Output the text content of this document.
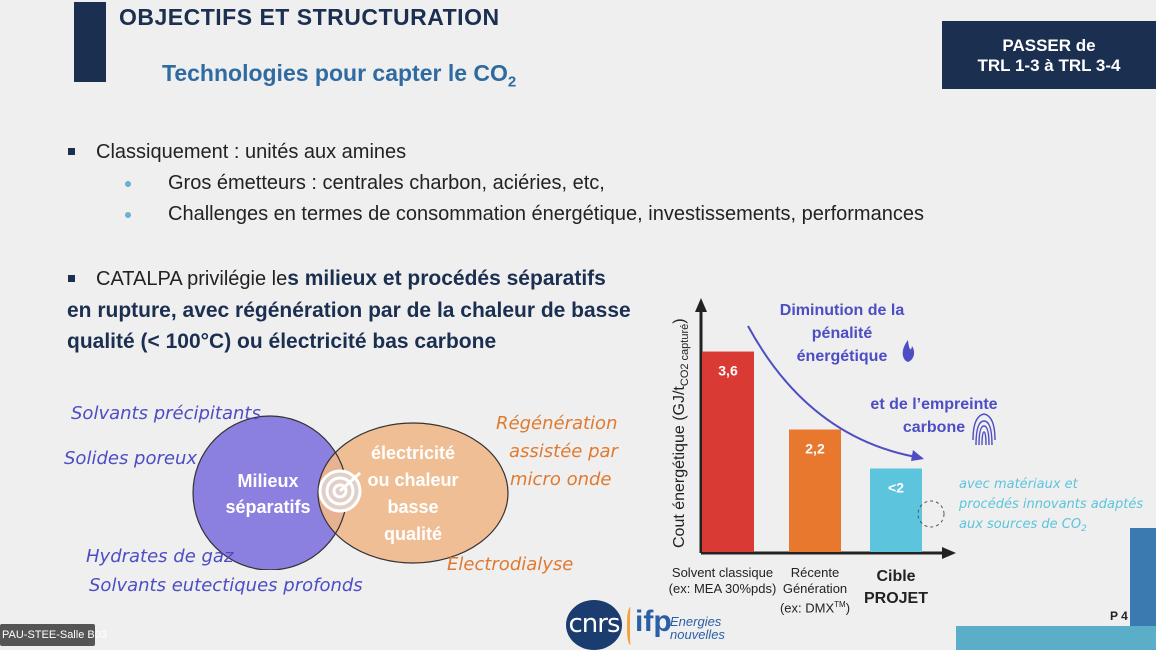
OBJECTIFS ET STRUCTURATION
Technologies pour capter le $CO_2$
PASSER de
TRL 1-3 à TRL 3-4
Classiquement : unités aux amines
Gros émetteurs : centrales charbon, aciéries, etc,
Challenges en termes de consommation énergétique, investissements, performances
CATALPA privilégie les milieux et procédés séparatifs
en rupture, avec régénération par de la chaleur de basse
qualité (< 100°C) ou électricité bas carbone
Milieux
séparatifs
électricité
ou chaleur
basse
qualité
Solvants précipitants
Solides poreux
Hydrates de gaz
Solvants eutectiques profonds
Régénération
assistée par
micro onde
Electrodialyse
Cout énergétique $(GJ/t_{CO2 capturé})$
3,6
2,2
<2
Diminution de la
pénalité
énergétique
et de l’empreinte
carbone
avec matériaux et
procédés innovants adaptés
aux sources de $CO_2$
Solvent classique
(ex: MEA 30%pds)
Récente
Génération
(ex: DMX™)
Cible
PROJET
P 4
cnrs ifp
Energies
nouvelles
PAU-STEE-Salle B03
